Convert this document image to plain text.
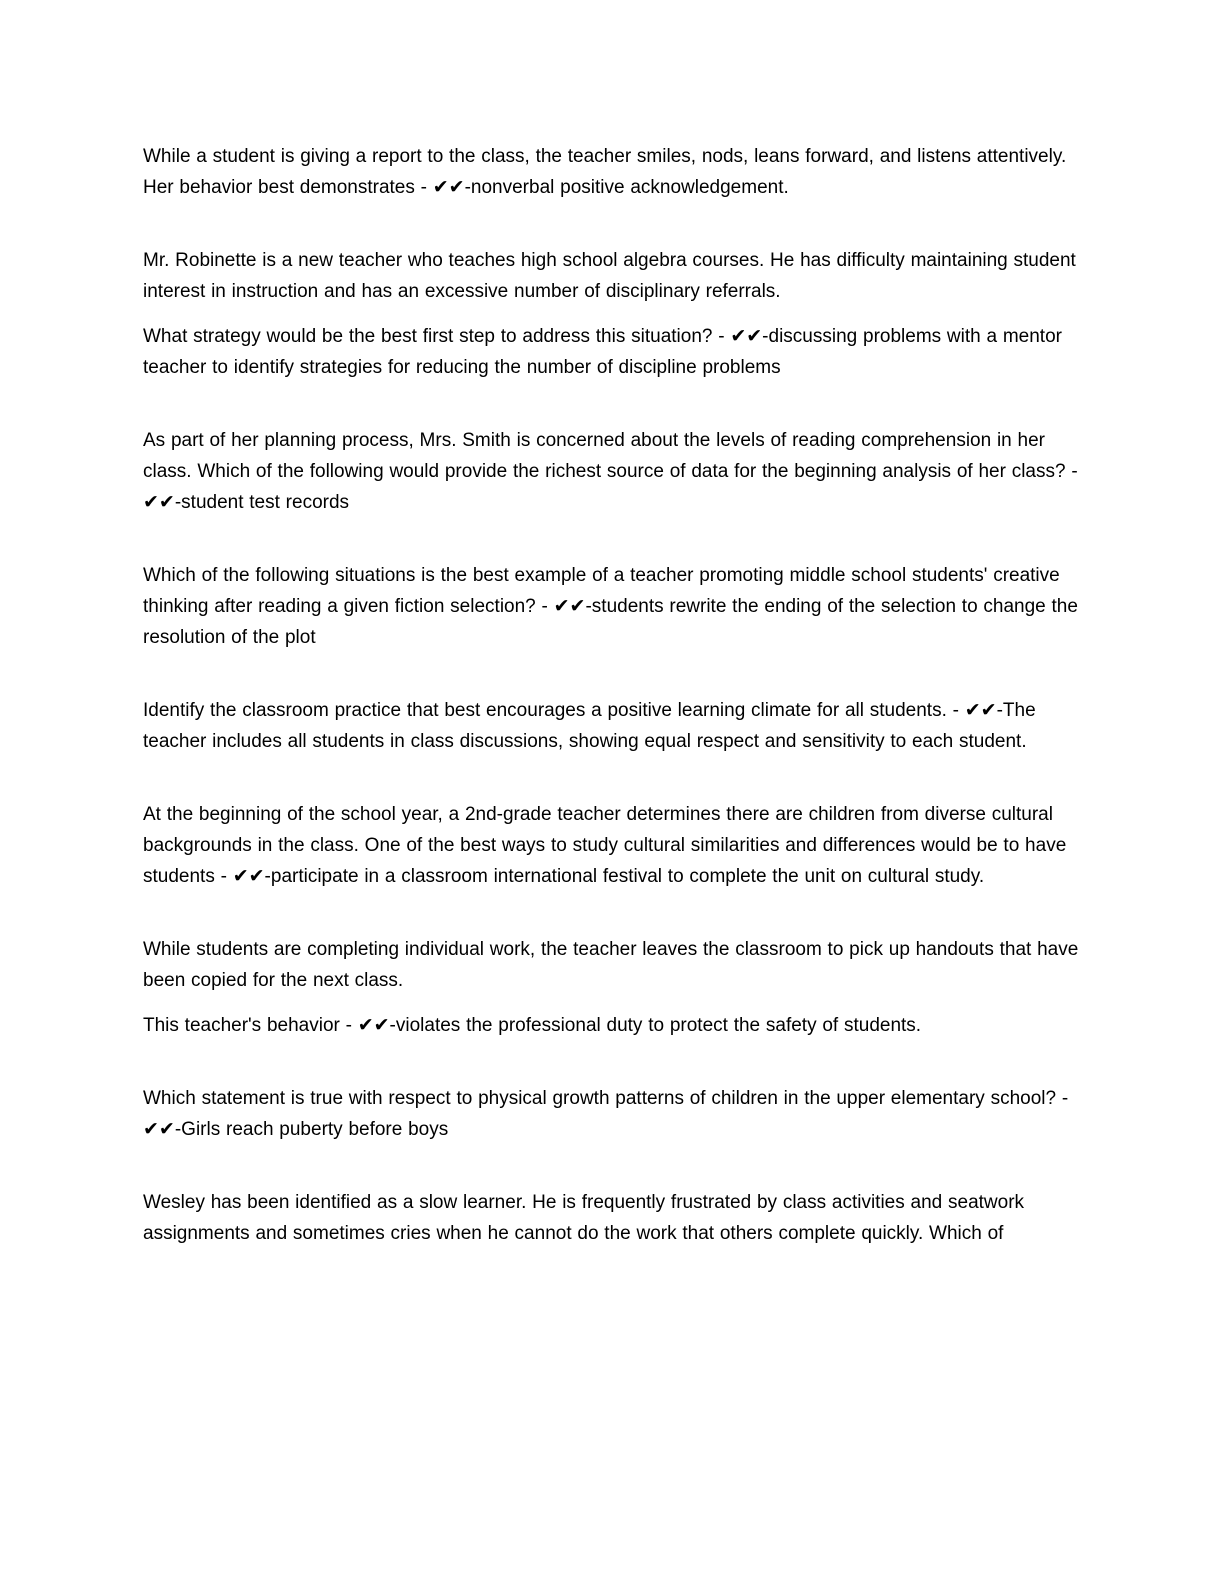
While a student is giving a report to the class, the teacher smiles, nods, leans forward, and listens attentively. Her behavior best demonstrates - ✔✔-nonverbal positive acknowledgement.

Mr. Robinette is a new teacher who teaches high school algebra courses. He has difficulty maintaining student interest in instruction and has an excessive number of disciplinary referrals.

What strategy would be the best first step to address this situation? - ✔✔-discussing problems with a mentor teacher to identify strategies for reducing the number of discipline problems

As part of her planning process, Mrs. Smith is concerned about the levels of reading comprehension in her class. Which of the following would provide the richest source of data for the beginning analysis of her class? - ✔✔-student test records

Which of the following situations is the best example of a teacher promoting middle school students' creative thinking after reading a given fiction selection? - ✔✔-students rewrite the ending of the selection to change the resolution of the plot

Identify the classroom practice that best encourages a positive learning climate for all students. - ✔✔-The teacher includes all students in class discussions, showing equal respect and sensitivity to each student.

At the beginning of the school year, a 2nd-grade teacher determines there are children from diverse cultural backgrounds in the class. One of the best ways to study cultural similarities and differences would be to have students - ✔✔-participate in a classroom international festival to complete the unit on cultural study.

While students are completing individual work, the teacher leaves the classroom to pick up handouts that have been copied for the next class.

This teacher's behavior - ✔✔-violates the professional duty to protect the safety of students.

Which statement is true with respect to physical growth patterns of children in the upper elementary school? - ✔✔-Girls reach puberty before boys

Wesley has been identified as a slow learner. He is frequently frustrated by class activities and seatwork assignments and sometimes cries when he cannot do the work that others complete quickly. Which of
